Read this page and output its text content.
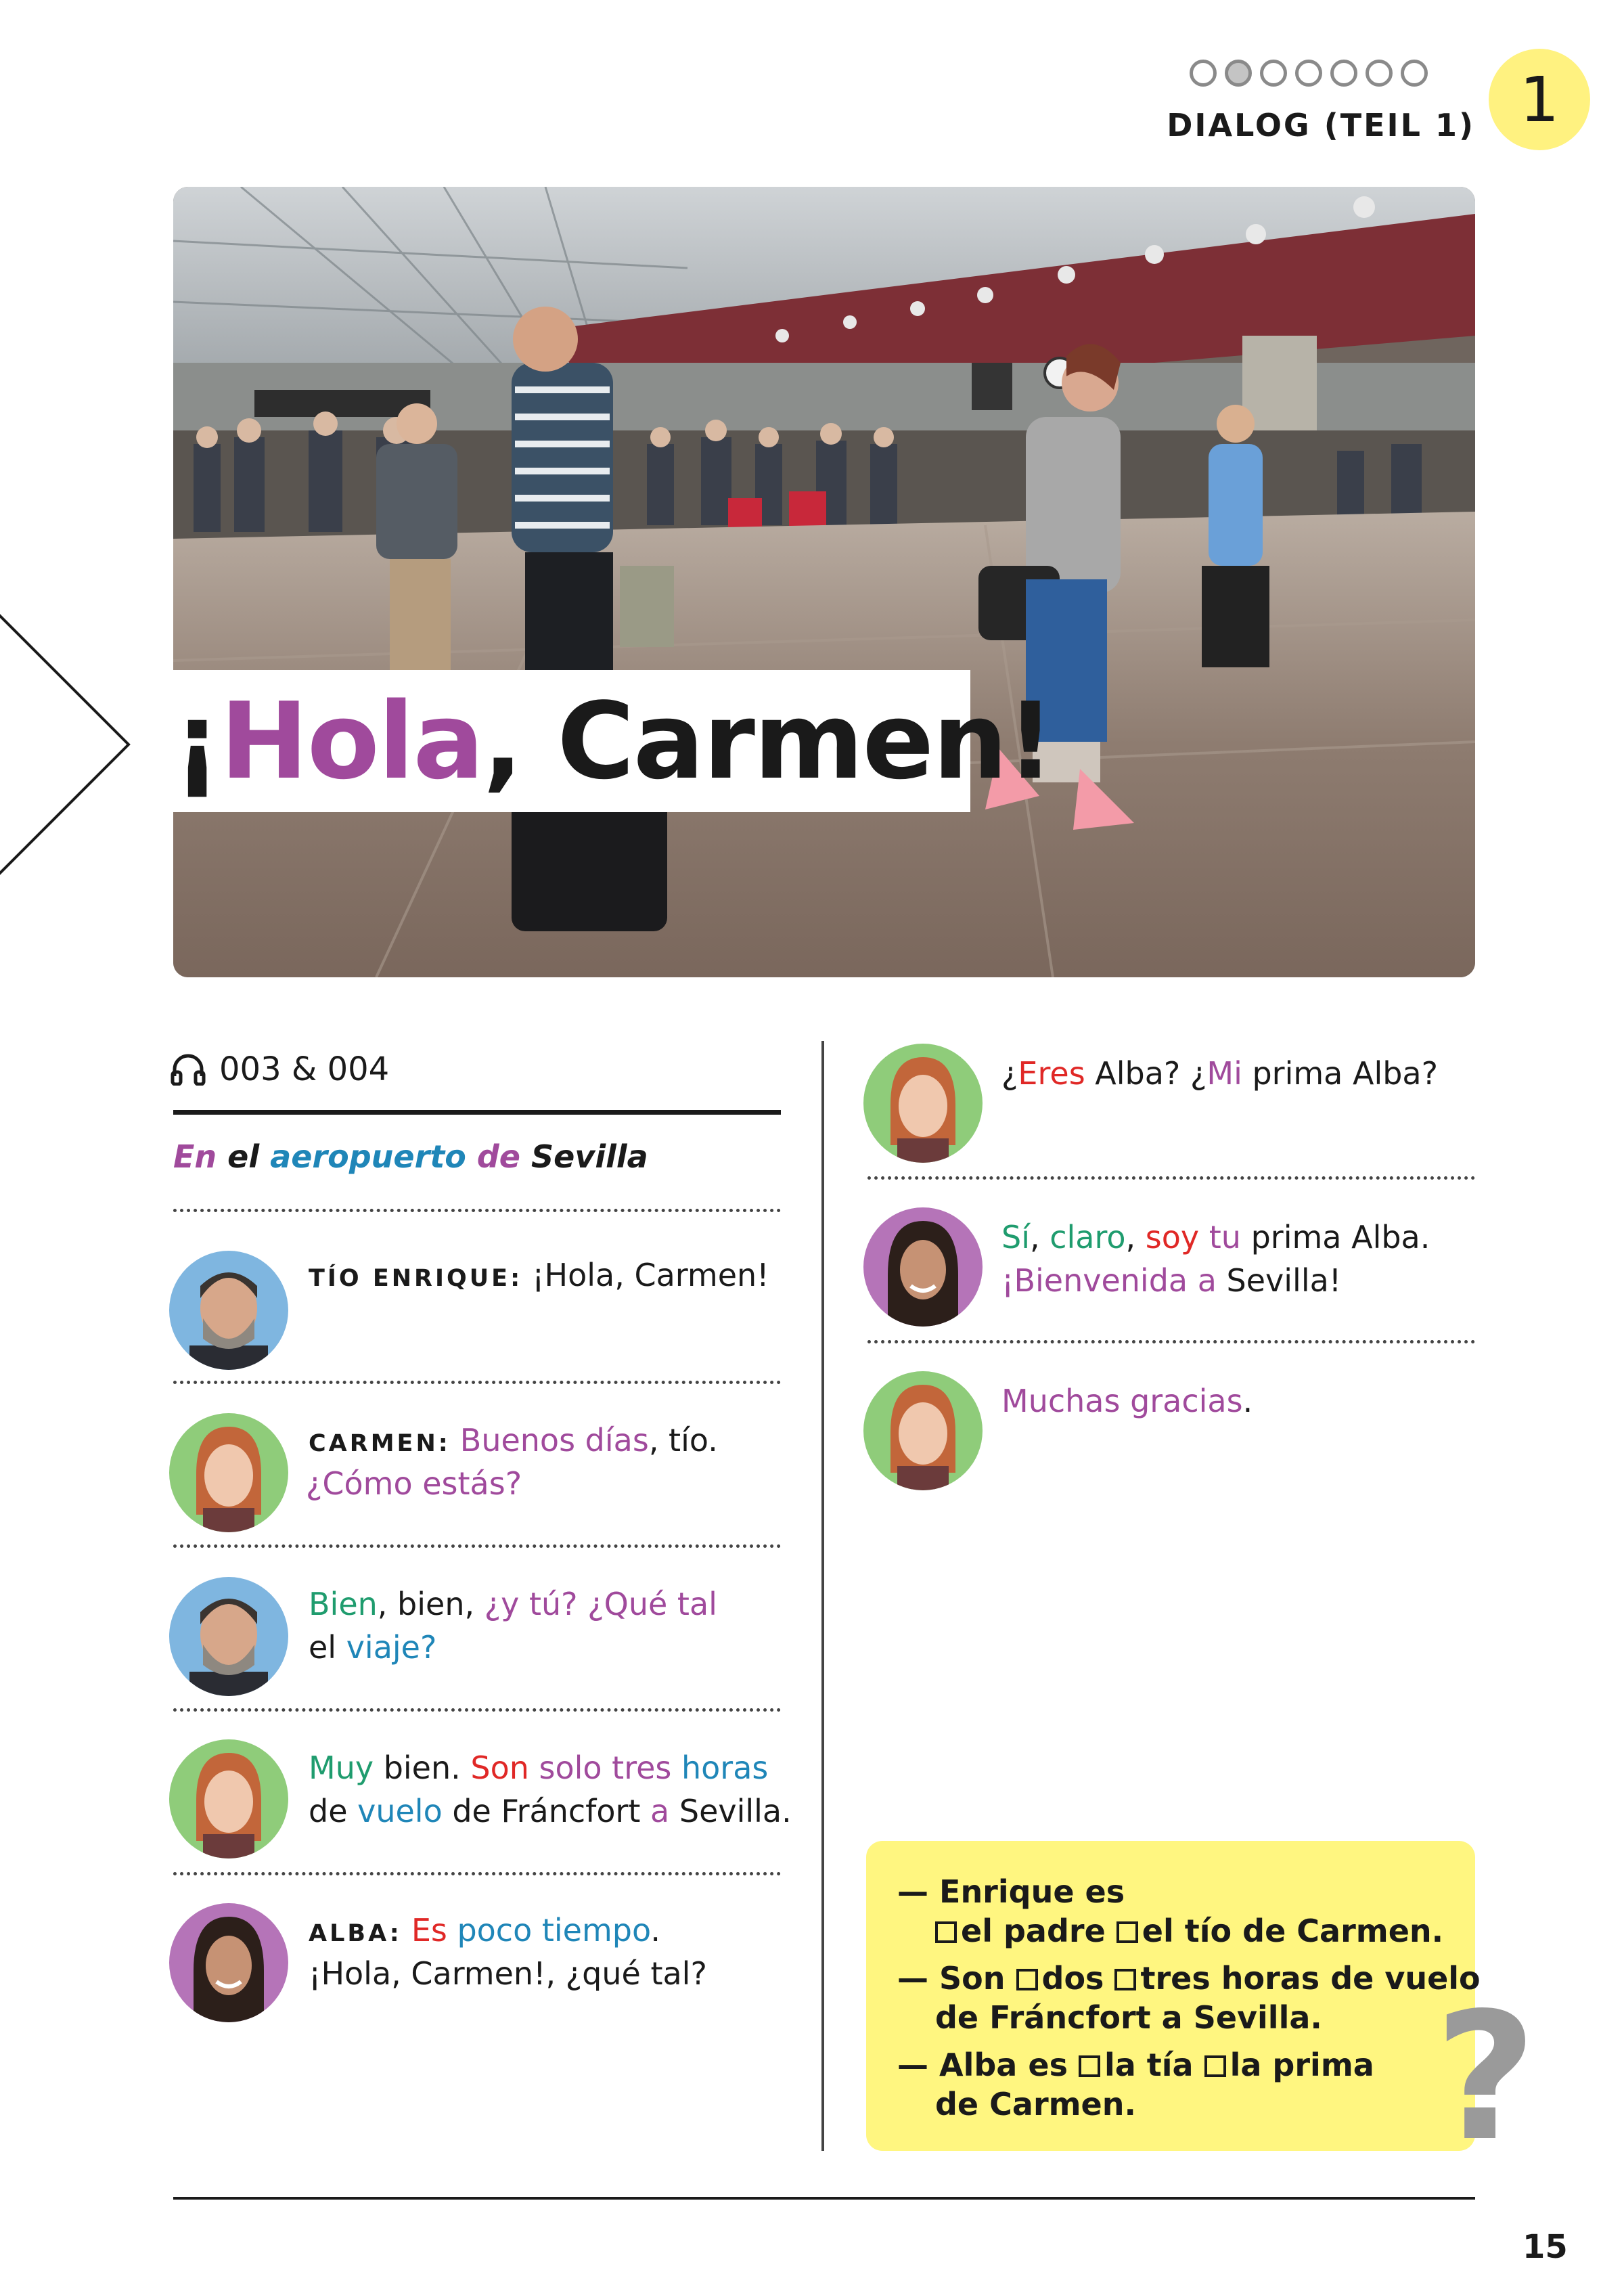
DIALOG (TEIL 1) 1
¡Hola, Carmen!
003 & 004
En el aeropuerto de Sevilla
TÍO ENRIQUE: ¡Hola, Carmen!
CARMEN: Buenos días, tío.
¿Cómo estás?
Bien, bien, ¿y tú? ¿Qué tal
el viaje?
Muy bien. Son solo tres horas
de vuelo de Fráncfort a Sevilla.
ALBA: Es poco tiempo.
¡Hola, Carmen!, ¿qué tal?
¿Eres Alba? ¿Mi prima Alba?
Sí, claro, soy tu prima Alba.
¡Bienvenida a Sevilla!
Muchas gracias.
— Enrique es
el padre el tío de Carmen.
— Son dos tres horas de vuelo
de Fráncfort a Sevilla.
— Alba es la tía la prima
de Carmen. ?
15
